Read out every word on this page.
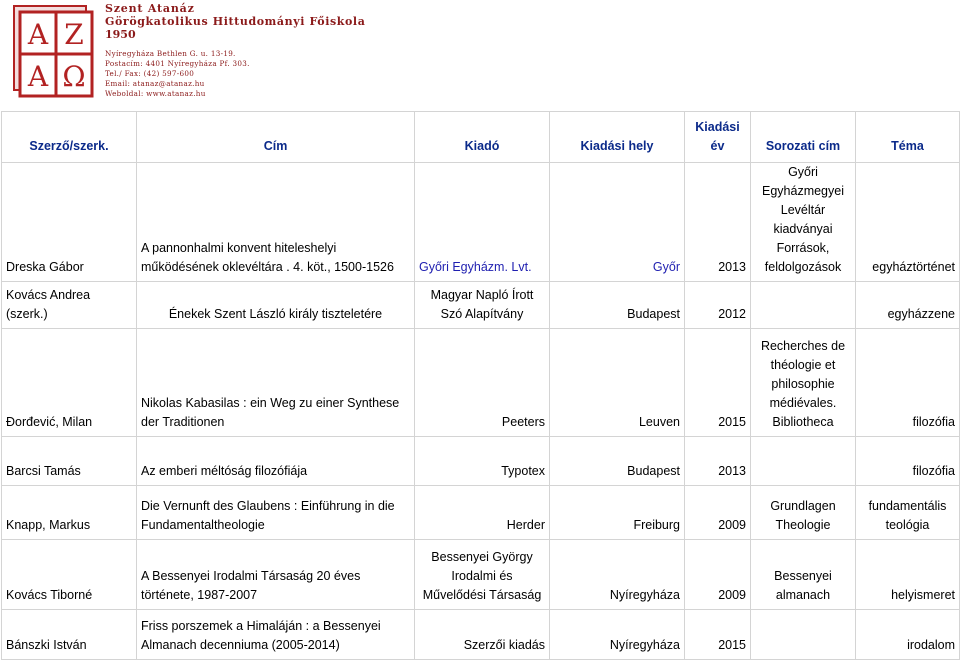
Α Ζ
Α Ω
Szent Atanáz
Görögkatolikus Hittudományi Főiskola
1950
Nyíregyháza Bethlen G. u. 13-19.
Postacím: 4401 Nyíregyháza Pf. 303.
Tel./ Fax: (42) 597-600
Email: atanaz@atanaz.hu
Weboldal: www.atanaz.hu
Szerző/szerk.	Cím	Kiadó	Kiadási hely	Kiadási év	Sorozati cím	Téma
Dreska Gábor	A pannonhalmi konvent hiteleshelyi működésének oklevéltára . 4. köt., 1500-1526	Győri Egyházm. Lvt.	Győr	2013	Győri Egyházmegyei Levéltár kiadványai Források, feldolgozások	egyháztörténet
Kovács Andrea (szerk.)	Énekek Szent László király tiszteletére	Magyar Napló Írott Szó Alapítvány	Budapest	2012		egyházzene
Đorđević, Milan	Nikolas Kabasilas : ein Weg zu einer Synthese der Traditionen	Peeters	Leuven	2015	Recherches de théologie et philosophie médiévales. Bibliotheca	filozófia
Barcsi Tamás	Az emberi méltóság filozófiája	Typotex	Budapest	2013		filozófia
Knapp, Markus	Die Vernunft des Glaubens : Einführung in die Fundamentaltheologie	Herder	Freiburg	2009	Grundlagen Theologie	fundamentális teológia
Kovács Tiborné	A Bessenyei Irodalmi Társaság 20 éves története, 1987-2007	Bessenyei György Irodalmi és Művelődési Társaság	Nyíregyháza	2009	Bessenyei almanach	helyismeret
Bánszki István	Friss porszemek a Himaláján : a Bessenyei Almanach decenniuma (2005-2014)	Szerzői kiadás	Nyíregyháza	2015		irodalom
